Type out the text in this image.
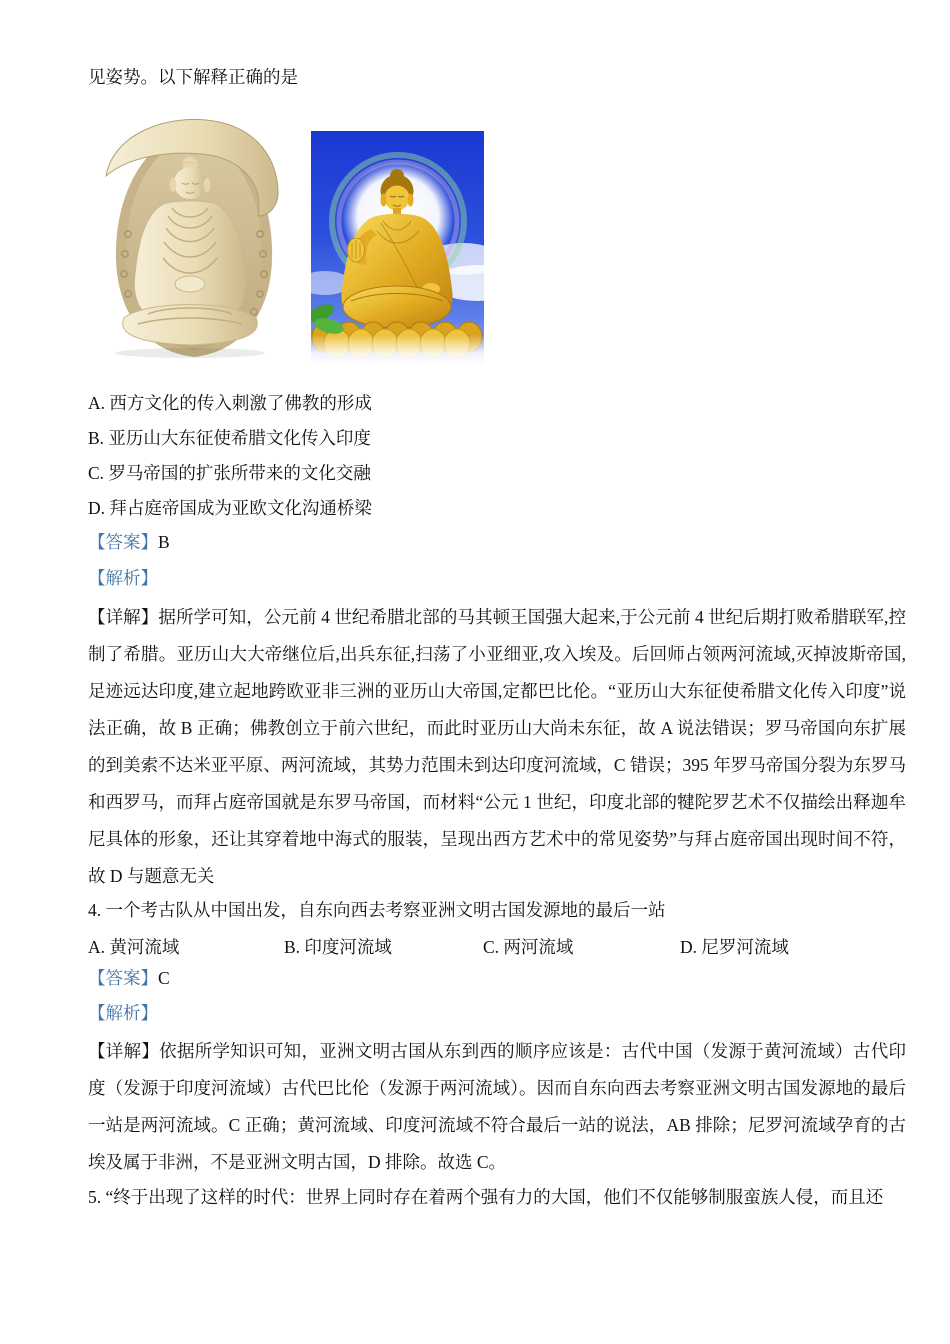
见姿势。以下解释正确的是
A. 西方文化的传入刺激了佛教的形成
B. 亚历山大东征使希腊文化传入印度
C. 罗马帝国的扩张所带来的文化交融
D. 拜占庭帝国成为亚欧文化沟通桥梁
【答案】B
【解析】
【详解】据所学可知，公元前 4 世纪希腊北部的马其顿王国强大起来,于公元前 4 世纪后期打败希腊联军,控制了希腊。亚历山大大帝继位后,出兵东征,扫荡了小亚细亚,攻入埃及。后回师占领两河流域,灭掉波斯帝国,足迹远达印度,建立起地跨欧亚非三洲的亚历山大帝国,定都巴比伦。“亚历山大东征使希腊文化传入印度”说法正确，故 B 正确；佛教创立于前六世纪，而此时亚历山大尚未东征，故 A 说法错误；罗马帝国向东扩展的到美索不达米亚平原、两河流域，其势力范围未到达印度河流域，C 错误；395 年罗马帝国分裂为东罗马和西罗马，而拜占庭帝国就是东罗马帝国，而材料“公元 1 世纪，印度北部的犍陀罗艺术不仅描绘出释迦牟尼具体的形象，还让其穿着地中海式的服装，呈现出西方艺术中的常见姿势”与拜占庭帝国出现时间不符，故 D 与题意无关
4. 一个考古队从中国出发，自东向西去考察亚洲文明古国发源地的最后一站
A. 黄河流域	B. 印度河流域	C. 两河流域	D. 尼罗河流域
【答案】C
【解析】
【详解】依据所学知识可知，亚洲文明古国从东到西的顺序应该是：古代中国（发源于黄河流域）古代印度（发源于印度河流域）古代巴比伦（发源于两河流域）。因而自东向西去考察亚洲文明古国发源地的最后一站是两河流域。C 正确；黄河流域、印度河流域不符合最后一站的说法，AB 排除；尼罗河流域孕育的古埃及属于非洲，不是亚洲文明古国，D 排除。故选 C。
5. “终于出现了这样的时代：世界上同时存在着两个强有力的大国，他们不仅能够制服蛮族人侵，而且还
